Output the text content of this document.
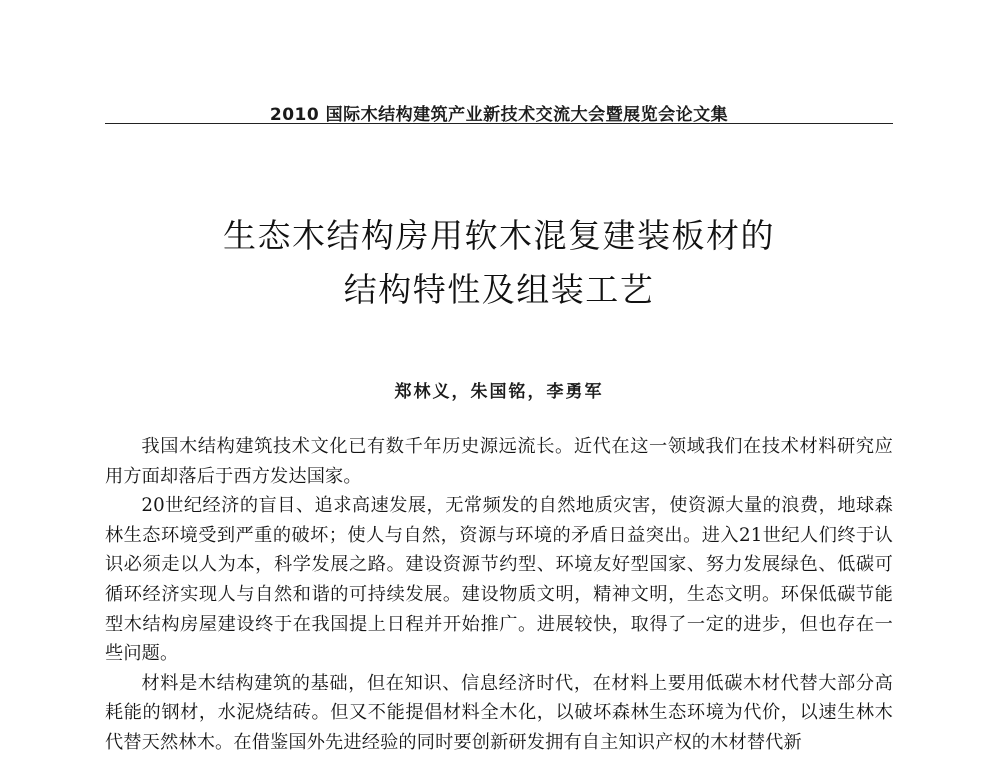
2010 国际木结构建筑产业新技术交流大会暨展览会论文集
生态木结构房用软木混复建装板材的
结构特性及组装工艺
郑林义，朱国铭，李勇军

我国木结构建筑技术文化已有数千年历史源远流长。近代在这一领域我们在技术材料研究应用方面却落后于西方发达国家。

20世纪经济的盲目、追求高速发展，无常频发的自然地质灾害，使资源大量的浪费，地球森林生态环境受到严重的破坏；使人与自然，资源与环境的矛盾日益突出。进入21世纪人们终于认识必须走以人为本，科学发展之路。建设资源节约型、环境友好型国家、努力发展绿色、低碳可循环经济实现人与自然和谐的可持续发展。建设物质文明，精神文明，生态文明。环保低碳节能型木结构房屋建设终于在我国提上日程并开始推广。进展较快，取得了一定的进步，但也存在一些问题。

材料是木结构建筑的基础，但在知识、信息经济时代，在材料上要用低碳木材代替大部分高耗能的钢材，水泥烧结砖。但又不能提倡材料全木化，以破坏森林生态环境为代价，以速生林木代替天然林木。在借鉴国外先进经验的同时要创新研发拥有自主知识产权的木材替代新
